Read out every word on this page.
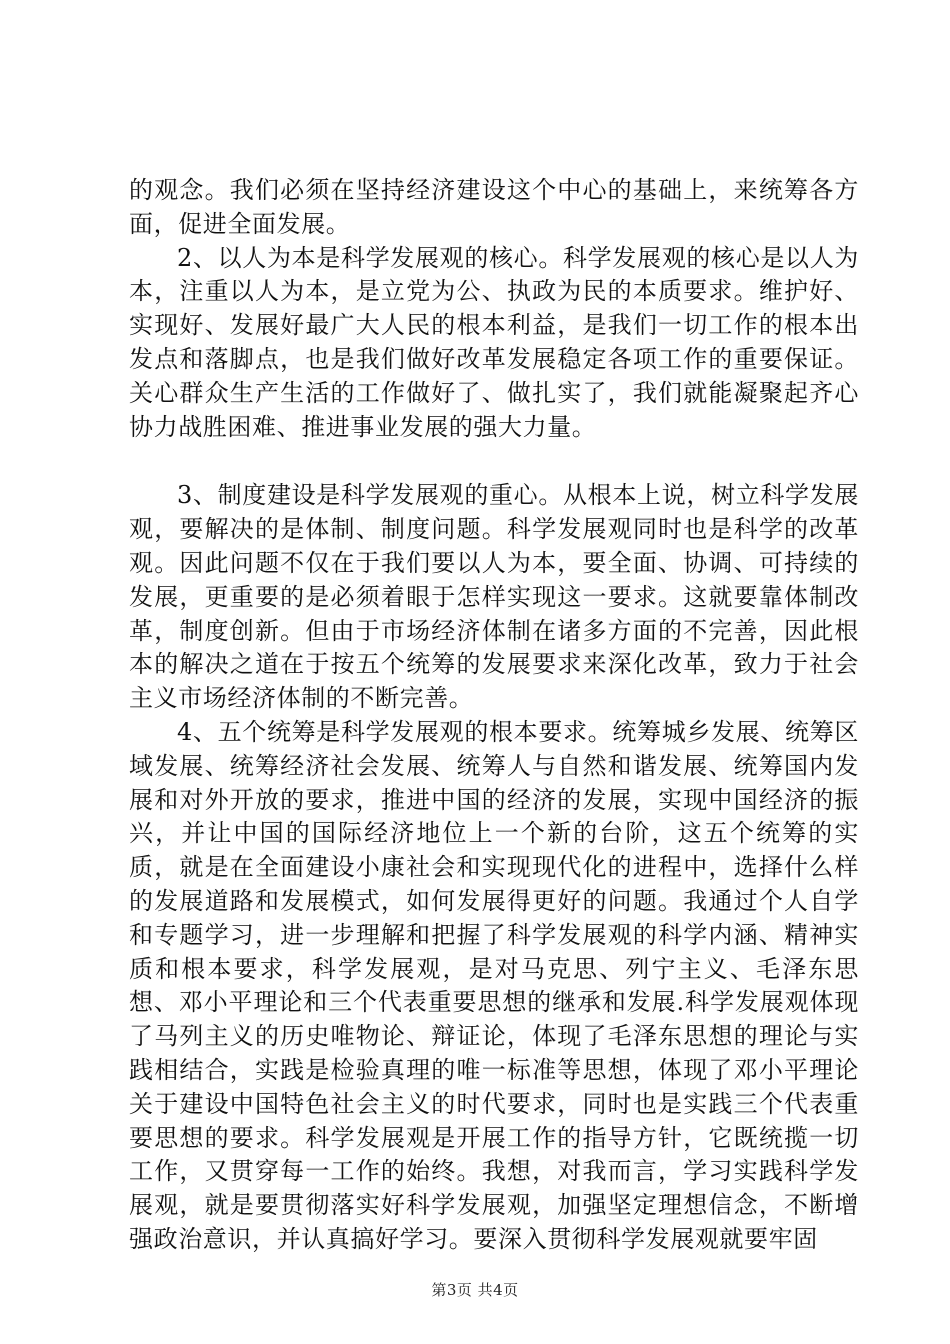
的观念。我们必须在坚持经济建设这个中心的基础上，来统筹各方面，促进全面发展。

2、以人为本是科学发展观的核心。科学发展观的核心是以人为本，注重以人为本，是立党为公、执政为民的本质要求。维护好、实现好、发展好最广大人民的根本利益，是我们一切工作的根本出发点和落脚点，也是我们做好改革发展稳定各项工作的重要保证。关心群众生产生活的工作做好了、做扎实了，我们就能凝聚起齐心协力战胜困难、推进事业发展的强大力量。

3、制度建设是科学发展观的重心。从根本上说，树立科学发展观，要解决的是体制、制度问题。科学发展观同时也是科学的改革观。因此问题不仅在于我们要以人为本，要全面、协调、可持续的发展，更重要的是必须着眼于怎样实现这一要求。这就要靠体制改革，制度创新。但由于市场经济体制在诸多方面的不完善，因此根本的解决之道在于按五个统筹的发展要求来深化改革，致力于社会主义市场经济体制的不断完善。

4、五个统筹是科学发展观的根本要求。统筹城乡发展、统筹区域发展、统筹经济社会发展、统筹人与自然和谐发展、统筹国内发展和对外开放的要求，推进中国的经济的发展，实现中国经济的振兴，并让中国的国际经济地位上一个新的台阶，这五个统筹的实质，就是在全面建设小康社会和实现现代化的进程中，选择什么样的发展道路和发展模式，如何发展得更好的问题。我通过个人自学和专题学习，进一步理解和把握了科学发展观的科学内涵、精神实质和根本要求，科学发展观，是对马克思、列宁主义、毛泽东思想、邓小平理论和三个代表重要思想的继承和发展.科学发展观体现了马列主义的历史唯物论、辩证论，体现了毛泽东思想的理论与实践相结合，实践是检验真理的唯一标准等思想，体现了邓小平理论关于建设中国特色社会主义的时代要求，同时也是实践三个代表重要思想的要求。科学发展观是开展工作的指导方针，它既统揽一切工作，又贯穿每一工作的始终。我想，对我而言，学习实践科学发展观，就是要贯彻落实好科学发展观，加强坚定理想信念，不断增强政治意识，并认真搞好学习。要深入贯彻科学发展观就要牢固

第3页 共4页
